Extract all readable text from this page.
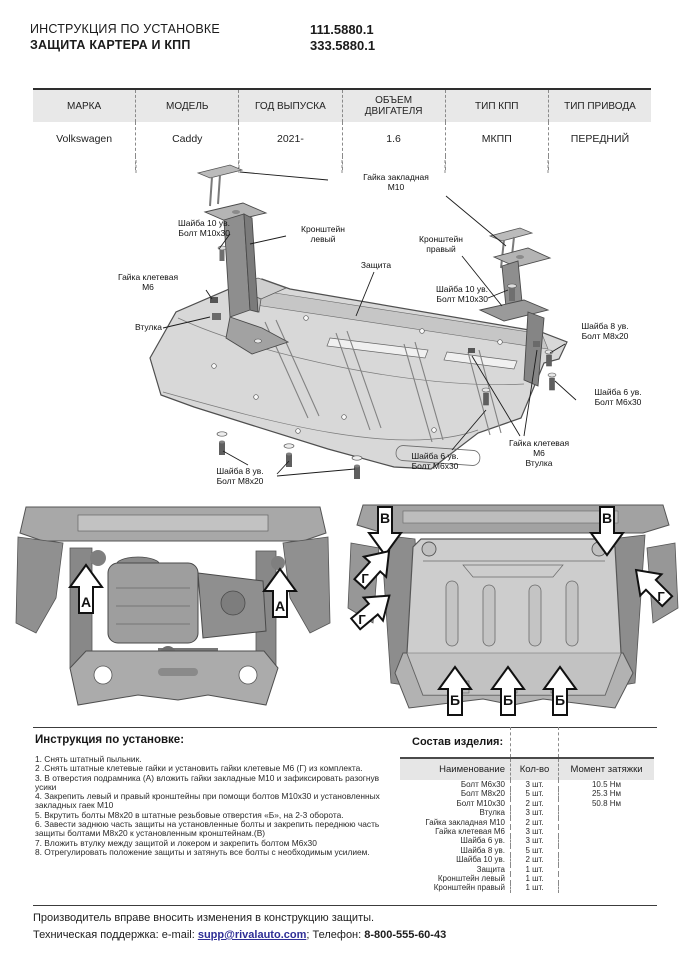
ИНСТРУКЦИЯ ПО УСТАНОВКЕ
ЗАЩИТА КАРТЕРА И КПП
111.5880.1
333.5880.1
МАРКА	МОДЕЛЬ	ГОД ВЫПУСКА	ОБЪЕМ ДВИГАТЕЛЯ	ТИП КПП	ТИП ПРИВОДА
Volkswagen	Caddy	2021-	1.6	МКПП	ПЕРЕДНИЙ
Гайка закладная
М10
Шайба 10 ув.
Болт М10х30	Кронштейн
левый	Кронштейн
правый
Защита
Шайба 10 ув.
Болт М10х30
Гайка клетевая
М6
Втулка	Шайба 8 ув.
Болт М8х20
Шайба 6 ув.
Болт М6х30
Гайка клетевая
М6
Втулка
Шайба 6 ув.
Болт М6х30
Шайба 8 ув.
Болт М8х20
А	А
В	В
Г
Г
Г
Б	Б	Б
Инструкция по установке:
1. Снять штатный пыльник.
2 .Снять штатные клетевые гайки и установить гайки клетевые М6 (Г) из комплекта.
3. В отверстия подрамника (А) вложить гайки закладные М10 и зафиксировать разогнув усики
4. Закрепить левый и правый кронштейны при помощи болтов М10х30 и установленных закладных гаек М10
5. Вкрутить болты М8х20 в штатные резьбовые отверстия «Б», на 2-3 оборота.
6. Завести заднюю часть защиты на установленные болты и закрепить переднюю часть защиты болтами М8х20 к установленным кронштейнам.(В)
7. Вложить втулку между защитой и локером и закрепить болтом М6х30
8. Отрегулировать положение защиты и затянуть все болты с необходимым усилием.
Состав изделия:
Наименование	Кол-во	Момент затяжки
Болт М6х30	3 шт.	10.5 Нм
Болт М8х20	5 шт.	25.3 Нм
Болт М10х30	2 шт.	50.8 Нм
Втулка	3 шт.
Гайка закладная М10	2 шт.
Гайка клетевая М6	3 шт.
Шайба 6 ув.	3 шт.
Шайба 8 ув.	5 шт.
Шайба 10 ув.	2 шт.
Защита	1 шт.
Кронштейн левый	1 шт.
Кронштейн правый	1 шт.
Производитель вправе вносить изменения в конструкцию защиты.
Техническая поддержка: e-mail: supp@rivalauto.com; Телефон: 8-800-555-60-43
